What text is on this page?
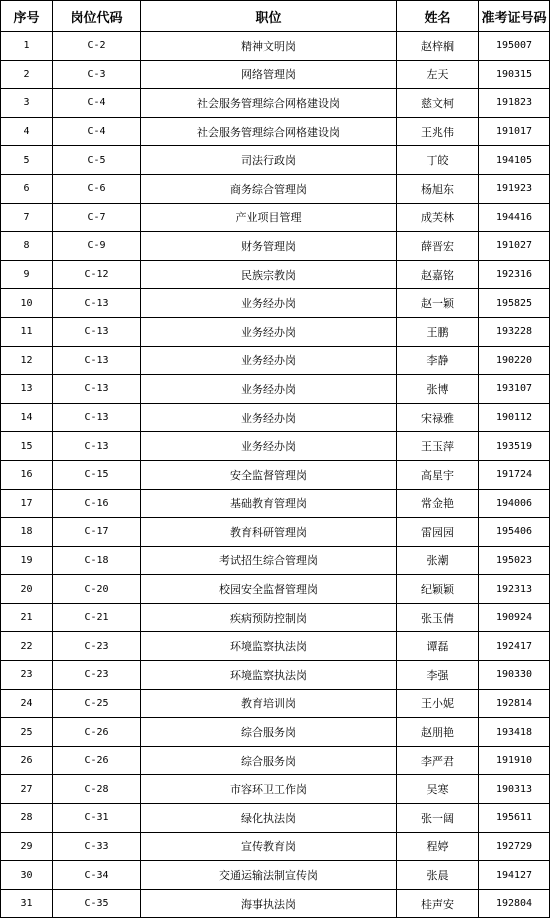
序号	岗位代码	职位	姓名	准考证号码
1	C-2	精神文明岗	赵梓榈	195007
2	C-3	网络管理岗	左天	190315
3	C-4	社会服务管理综合网格建设岗	慈文柯	191823
4	C-4	社会服务管理综合网格建设岗	王兆伟	191017
5	C-5	司法行政岗	丁皎	194105
6	C-6	商务综合管理岗	杨旭东	191923
7	C-7	产业项目管理	成芙林	194416
8	C-9	财务管理岗	薛晋宏	191027
9	C-12	民族宗教岗	赵嘉铭	192316
10	C-13	业务经办岗	赵一颖	195825
11	C-13	业务经办岗	王鹏	193228
12	C-13	业务经办岗	李静	190220
13	C-13	业务经办岗	张博	193107
14	C-13	业务经办岗	宋禄雅	190112
15	C-13	业务经办岗	王玉萍	193519
16	C-15	安全监督管理岗	高星宇	191724
17	C-16	基础教育管理岗	常金艳	194006
18	C-17	教育科研管理岗	雷园园	195406
19	C-18	考试招生综合管理岗	张潮	195023
20	C-20	校园安全监督管理岗	纪颖颖	192313
21	C-21	疾病预防控制岗	张玉倩	190924
22	C-23	环境监察执法岗	谭磊	192417
23	C-23	环境监察执法岗	李强	190330
24	C-25	教育培训岗	王小妮	192814
25	C-26	综合服务岗	赵朋艳	193418
26	C-26	综合服务岗	李严君	191910
27	C-28	市容环卫工作岗	吴寒	190313
28	C-31	绿化执法岗	张一阔	195611
29	C-33	宣传教育岗	程婷	192729
30	C-34	交通运输法制宣传岗	张晨	194127
31	C-35	海事执法岗	桂声安	192804
